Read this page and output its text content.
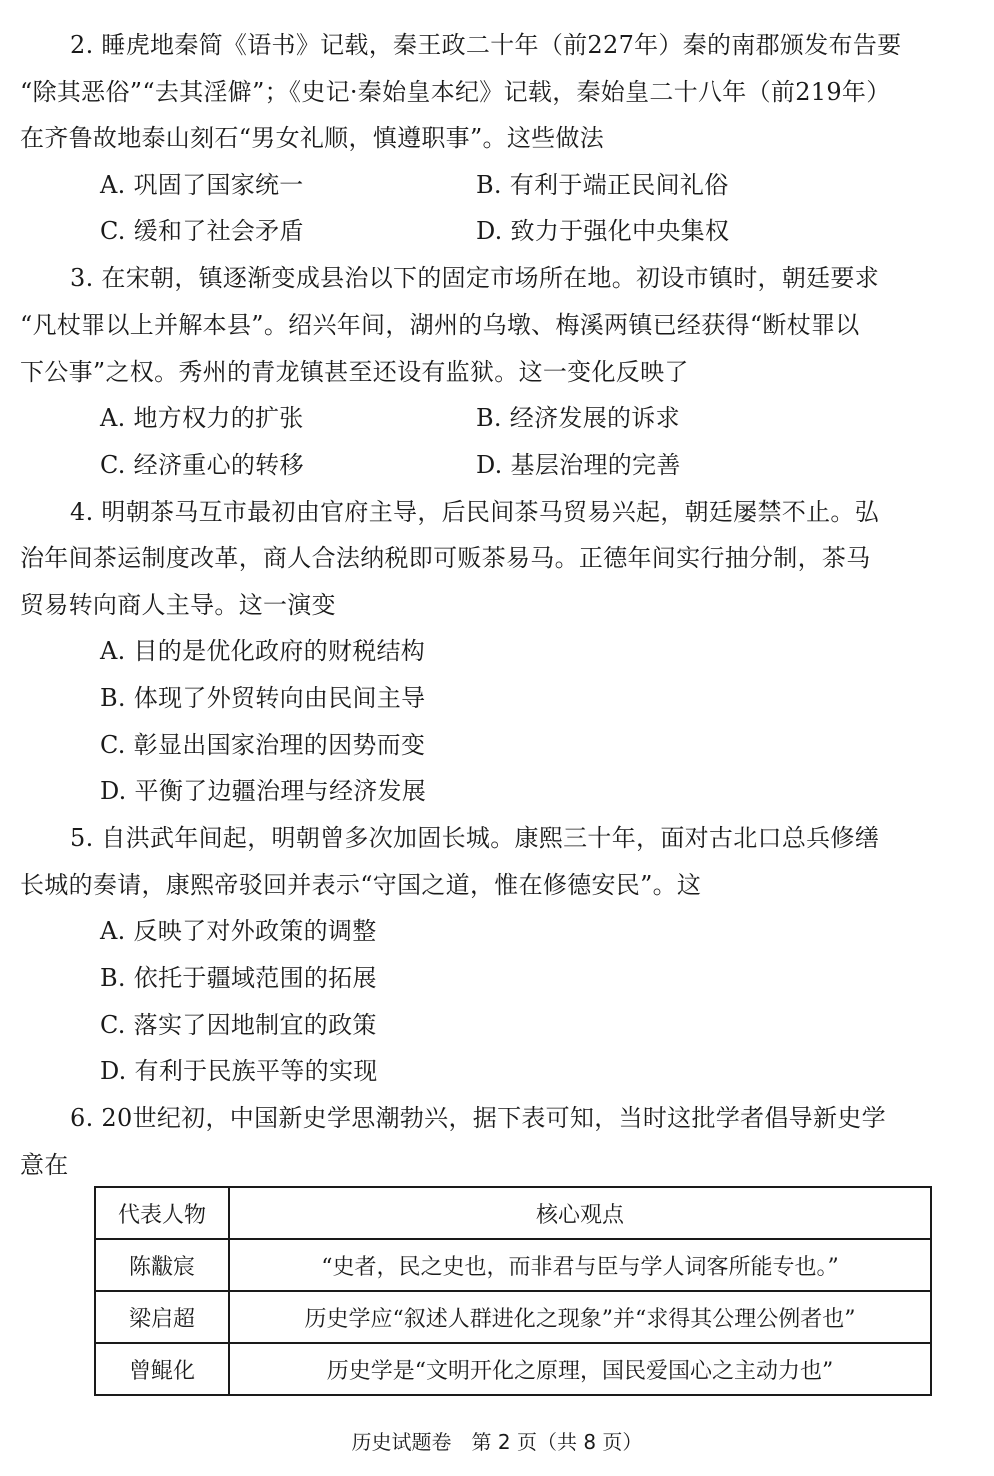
2. 睡虎地秦简《语书》记载，秦王政二十年（前227年）秦的南郡颁发布告要
“除其恶俗”“去其淫僻”；《史记·秦始皇本纪》记载，秦始皇二十八年（前219年）
在齐鲁故地泰山刻石“男女礼顺，慎遵职事”。这些做法
A. 巩固了国家统一	B. 有利于端正民间礼俗
C. 缓和了社会矛盾	D. 致力于强化中央集权
3. 在宋朝，镇逐渐变成县治以下的固定市场所在地。初设市镇时，朝廷要求
“凡杖罪以上并解本县”。绍兴年间，湖州的乌墩、梅溪两镇已经获得“断杖罪以
下公事”之权。秀州的青龙镇甚至还设有监狱。这一变化反映了
A. 地方权力的扩张	B. 经济发展的诉求
C. 经济重心的转移	D. 基层治理的完善
4. 明朝茶马互市最初由官府主导，后民间茶马贸易兴起，朝廷屡禁不止。弘
治年间茶运制度改革，商人合法纳税即可贩茶易马。正德年间实行抽分制，茶马
贸易转向商人主导。这一演变
A. 目的是优化政府的财税结构
B. 体现了外贸转向由民间主导
C. 彰显出国家治理的因势而变
D. 平衡了边疆治理与经济发展
5. 自洪武年间起，明朝曾多次加固长城。康熙三十年，面对古北口总兵修缮
长城的奏请，康熙帝驳回并表示“守国之道，惟在修德安民”。这
A. 反映了对外政策的调整
B. 依托于疆域范围的拓展
C. 落实了因地制宜的政策
D. 有利于民族平等的实现
6. 20世纪初，中国新史学思潮勃兴，据下表可知，当时这批学者倡导新史学
意在
代表人物	核心观点
陈黻宸	“史者，民之史也，而非君与臣与学人词客所能专也。”
梁启超	历史学应“叙述人群进化之现象”并“求得其公理公例者也”
曾鲲化	历史学是“文明开化之原理，国民爱国心之主动力也”
历史试题卷　第 2 页（共 8 页）
